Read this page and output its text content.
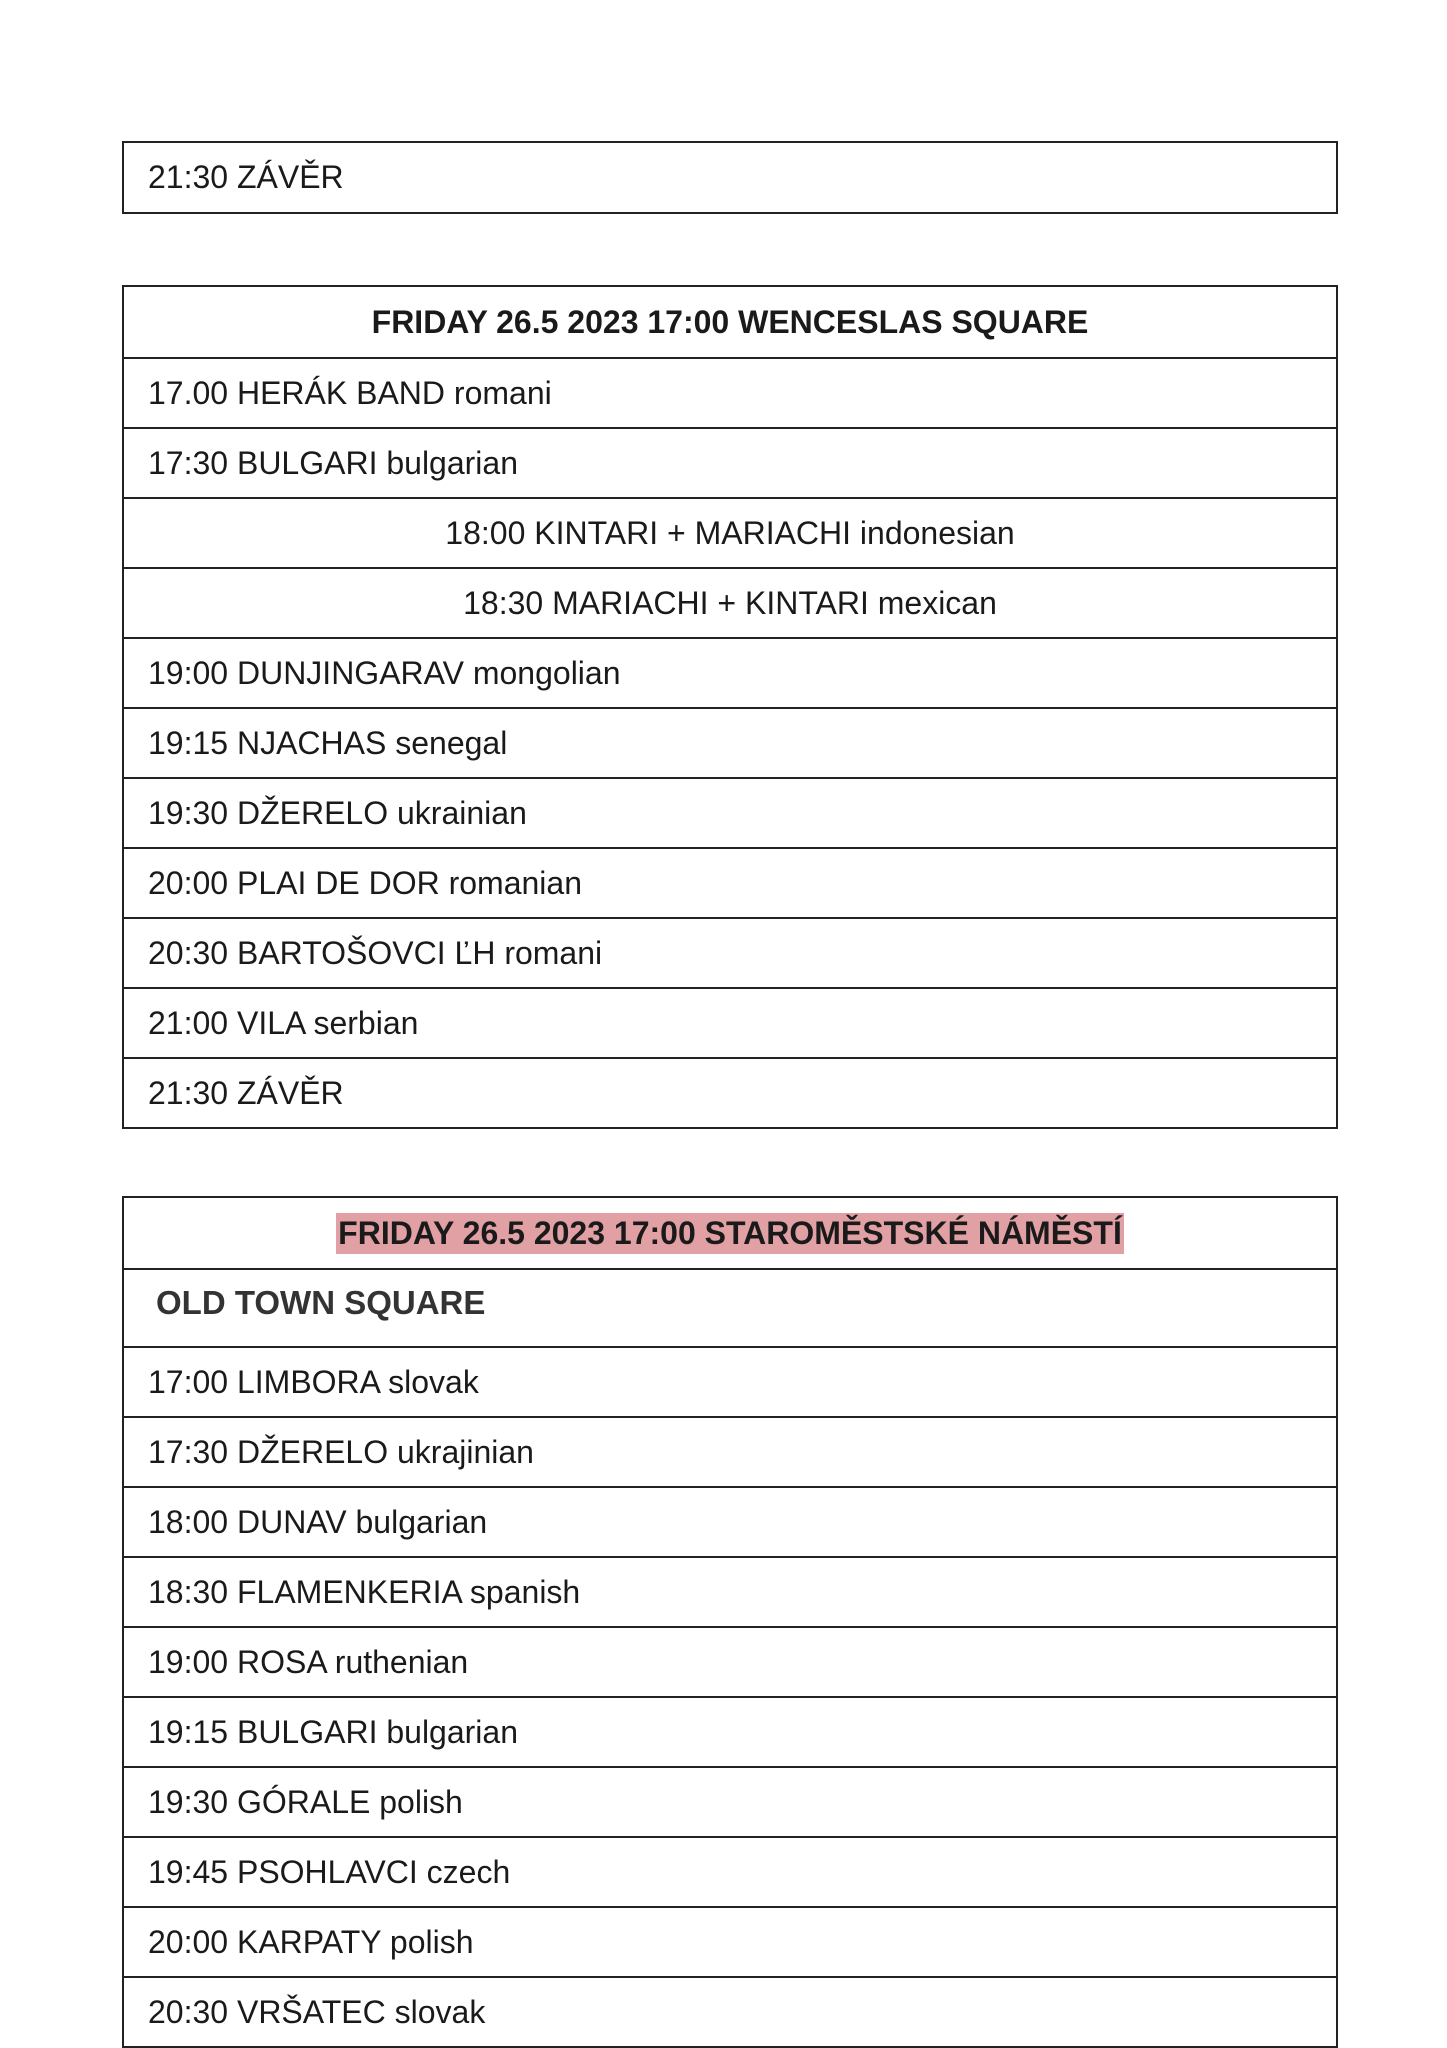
21:30 ZÁVĚR
FRIDAY 26.5 2023 17:00 WENCESLAS SQUARE
17.00 HERÁK BAND romani
17:30 BULGARI bulgarian
18:00 KINTARI + MARIACHI indonesian
18:30 MARIACHI + KINTARI mexican
19:00 DUNJINGARAV mongolian
19:15 NJACHAS senegal
19:30 DŽERELO ukrainian
20:00 PLAI DE DOR romanian
20:30 BARTOŠOVCI ĽH romani
21:00 VILA serbian
21:30 ZÁVĚR
FRIDAY 26.5 2023 17:00 STAROMĚSTSKÉ NÁMĚSTÍ
OLD TOWN SQUARE
17:00 LIMBORA slovak
17:30 DŽERELO ukrajinian
18:00 DUNAV bulgarian
18:30 FLAMENKERIA spanish
19:00 ROSA ruthenian
19:15 BULGARI bulgarian
19:30 GÓRALE polish
19:45 PSOHLAVCI czech
20:00 KARPATY polish
20:30 VRŠATEC slovak
